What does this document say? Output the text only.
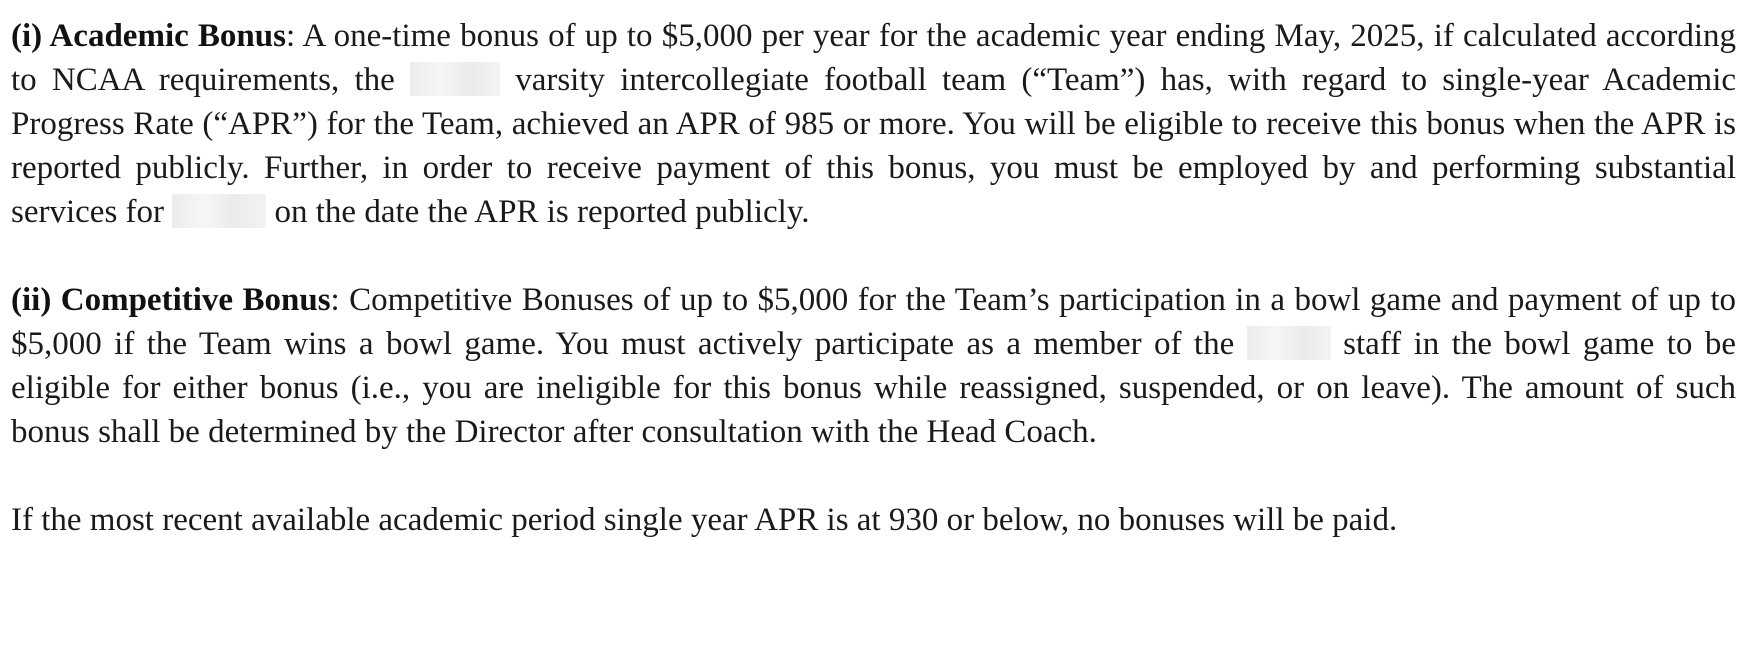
(i) Academic Bonus: A one-time bonus of up to $5,000 per year for the academic year ending May, 2025, if calculated according to NCAA requirements, the	varsity intercollegiate football team (“Team”) has, with regard to single-year Academic Progress Rate (“APR”) for the Team, achieved an APR of 985 or more. You will be eligible to receive this bonus when the APR is reported publicly. Further, in order to receive payment of this bonus, you must be employed by and performing substantial services for	on the date the APR is reported publicly.

(ii) Competitive Bonus: Competitive Bonuses of up to $5,000 for the Team’s participation in a bowl game and payment of up to $5,000 if the Team wins a bowl game. You must actively participate as a member of the	staff in the bowl game to be eligible for either bonus (i.e., you are ineligible for this bonus while reassigned, suspended, or on leave). The amount of such bonus shall be determined by the Director after consultation with the Head Coach.

If the most recent available academic period single year APR is at 930 or below, no bonuses will be paid.
